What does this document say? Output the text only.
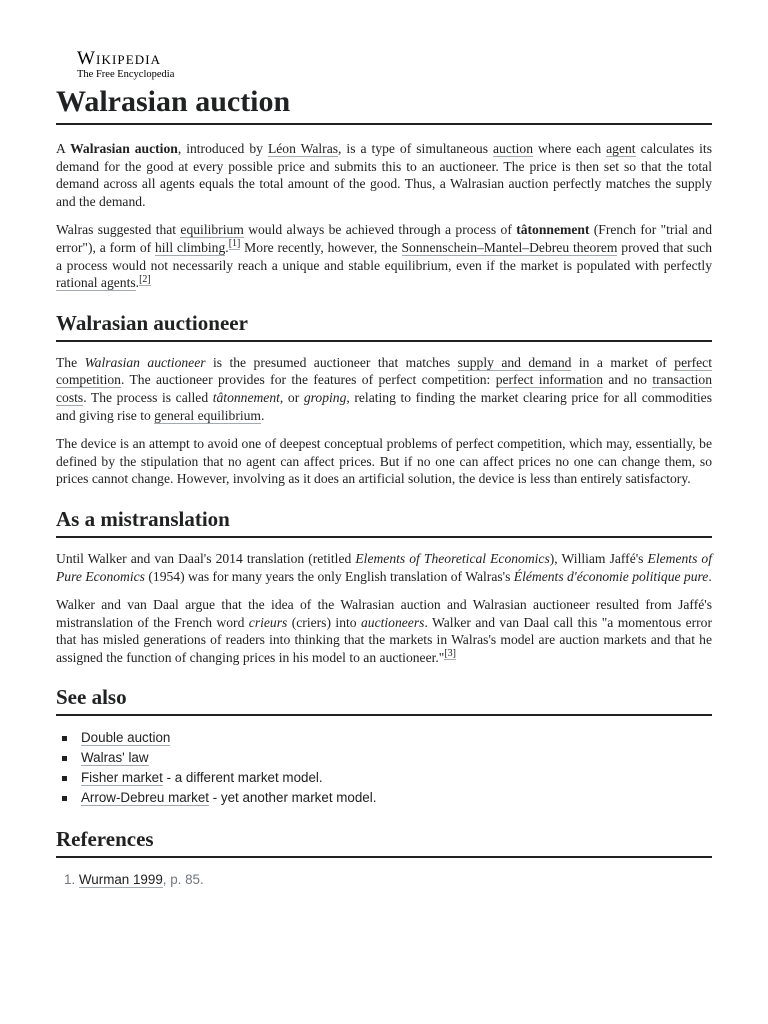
Wikipedia
The Free Encyclopedia
Walrasian auction

A Walrasian auction, introduced by Léon Walras, is a type of simultaneous auction where each agent calculates its demand for the good at every possible price and submits this to an auctioneer. The price is then set so that the total demand across all agents equals the total amount of the good. Thus, a Walrasian auction perfectly matches the supply and the demand.

Walras suggested that equilibrium would always be achieved through a process of tâtonnement (French for "trial and error"), a form of hill climbing.[1] More recently, however, the Sonnenschein–Mantel–Debreu theorem proved that such a process would not necessarily reach a unique and stable equilibrium, even if the market is populated with perfectly rational agents.[2]

Walrasian auctioneer

The Walrasian auctioneer is the presumed auctioneer that matches supply and demand in a market of perfect competition. The auctioneer provides for the features of perfect competition: perfect information and no transaction costs. The process is called tâtonnement, or groping, relating to finding the market clearing price for all commodities and giving rise to general equilibrium.

The device is an attempt to avoid one of deepest conceptual problems of perfect competition, which may, essentially, be defined by the stipulation that no agent can affect prices. But if no one can affect prices no one can change them, so prices cannot change. However, involving as it does an artificial solution, the device is less than entirely satisfactory.

As a mistranslation

Until Walker and van Daal's 2014 translation (retitled Elements of Theoretical Economics), William Jaffé's Elements of Pure Economics (1954) was for many years the only English translation of Walras's Éléments d'économie politique pure.

Walker and van Daal argue that the idea of the Walrasian auction and Walrasian auctioneer resulted from Jaffé's mistranslation of the French word crieurs (criers) into auctioneers. Walker and van Daal call this "a momentous error that has misled generations of readers into thinking that the markets in Walras's model are auction markets and that he assigned the function of changing prices in his model to an auctioneer."[3]

See also
Double auction
Walras' law
Fisher market - a different market model.
Arrow-Debreu market - yet another market model.
References
1. Wurman 1999, p. 85.
